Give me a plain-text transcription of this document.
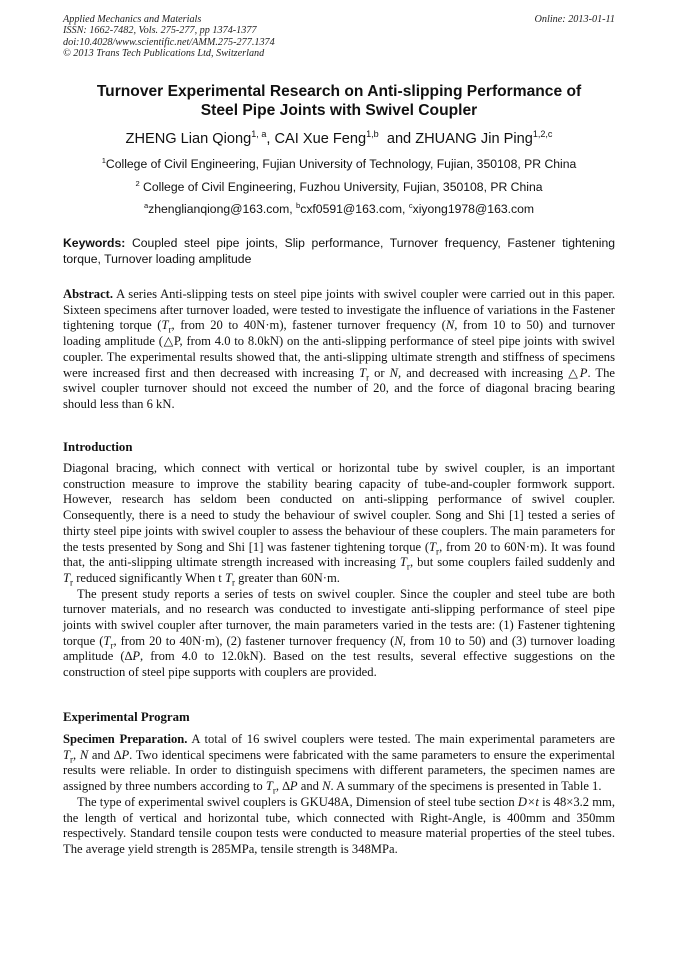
Applied Mechanics and Materials
ISSN: 1662-7482, Vols. 275-277, pp 1374-1377
doi:10.4028/www.scientific.net/AMM.275-277.1374
© 2013 Trans Tech Publications Ltd, Switzerland
Online: 2013-01-11
Turnover Experimental Research on Anti-slipping Performance of
Steel Pipe Joints with Swivel Coupler
ZHENG Lian Qiong$^{1, a}$, CAI Xue Feng$^{1,b}$  and ZHUANG Jin Ping$^{1,2,c}$
$^1$College of Civil Engineering, Fujian University of Technology, Fujian, 350108, PR China
$^2$ College of Civil Engineering, Fuzhou University, Fujian, 350108, PR China
$^a$zhenglianqiong@163.com, $^b$cxf0591@163.com, $^c$xiyong1978@163.com
Keywords: Coupled steel pipe joints, Slip performance, Turnover frequency, Fastener tightening torque, Turnover loading amplitude

Abstract. A series Anti-slipping tests on steel pipe joints with swivel coupler were carried out in this paper. Sixteen specimens after turnover loaded, were tested to investigate the influence of variations in the Fastener tightening torque ($T_r$, from 20 to 40N·m), fastener turnover frequency (N, from 10 to 50) and turnover loading amplitude (△P, from 4.0 to 8.0kN) on the anti-slipping performance of steel pipe joints with swivel coupler. The experimental results showed that, the anti-slipping ultimate strength and stiffness of specimens were increased first and then decreased with increasing $T_r$ or N, and decreased with increasing △P. The swivel coupler turnover should not exceed the number of 20, and the force of diagonal bracing bearing should less than 6 kN.

Introduction

Diagonal bracing, which connect with vertical or horizontal tube by swivel coupler, is an important construction measure to improve the stability bearing capacity of tube-and-coupler formwork support. However, research has seldom been conducted on anti-slipping performance of swivel coupler. Consequently, there is a need to study the behaviour of swivel coupler. Song and Shi [1] tested a series of thirty steel pipe joints with swivel coupler to assess the behaviour of these couplers. The main parameters for the tests presented by Song and Shi [1] was fastener tightening torque ($T_r$, from 20 to 60N·m). It was found that, the anti-slipping ultimate strength increased with increasing $T_r$, but some couplers failed suddenly and $T_r$ reduced significantly When t $T_r$ greater than 60N·m.

The present study reports a series of tests on swivel coupler. Since the coupler and steel tube are both turnover materials, and no research was conducted to investigate anti-slipping performance of steel pipe joints with swivel coupler after turnover, the main parameters varied in the tests are: (1) Fastener tightening torque ($T_r$, from 20 to 40N·m), (2) fastener turnover frequency (N, from 10 to 50) and (3) turnover loading amplitude (∆P, from 4.0 to 12.0kN). Based on the test results, several effective suggestions on the construction of steel pipe supports with couplers are provided.

Experimental Program

Specimen Preparation. A total of 16 swivel couplers were tested. The main experimental parameters are $T_r$, N and ∆P. Two identical specimens were fabricated with the same parameters to ensure the experimental results were reliable. In order to distinguish specimens with different parameters, the specimen names are assigned by three numbers according to $T_r$, ∆P and N. A summary of the specimens is presented in Table 1.

The type of experimental swivel couplers is GKU48A, Dimension of steel tube section D×t is 48×3.2 mm, the length of vertical and horizontal tube, which connected with Right-Angle, is 400mm and 350mm respectively. Standard tensile coupon tests were conducted to measure material properties of the steel tubes. The average yield strength is 285MPa, tensile strength is 348MPa.
